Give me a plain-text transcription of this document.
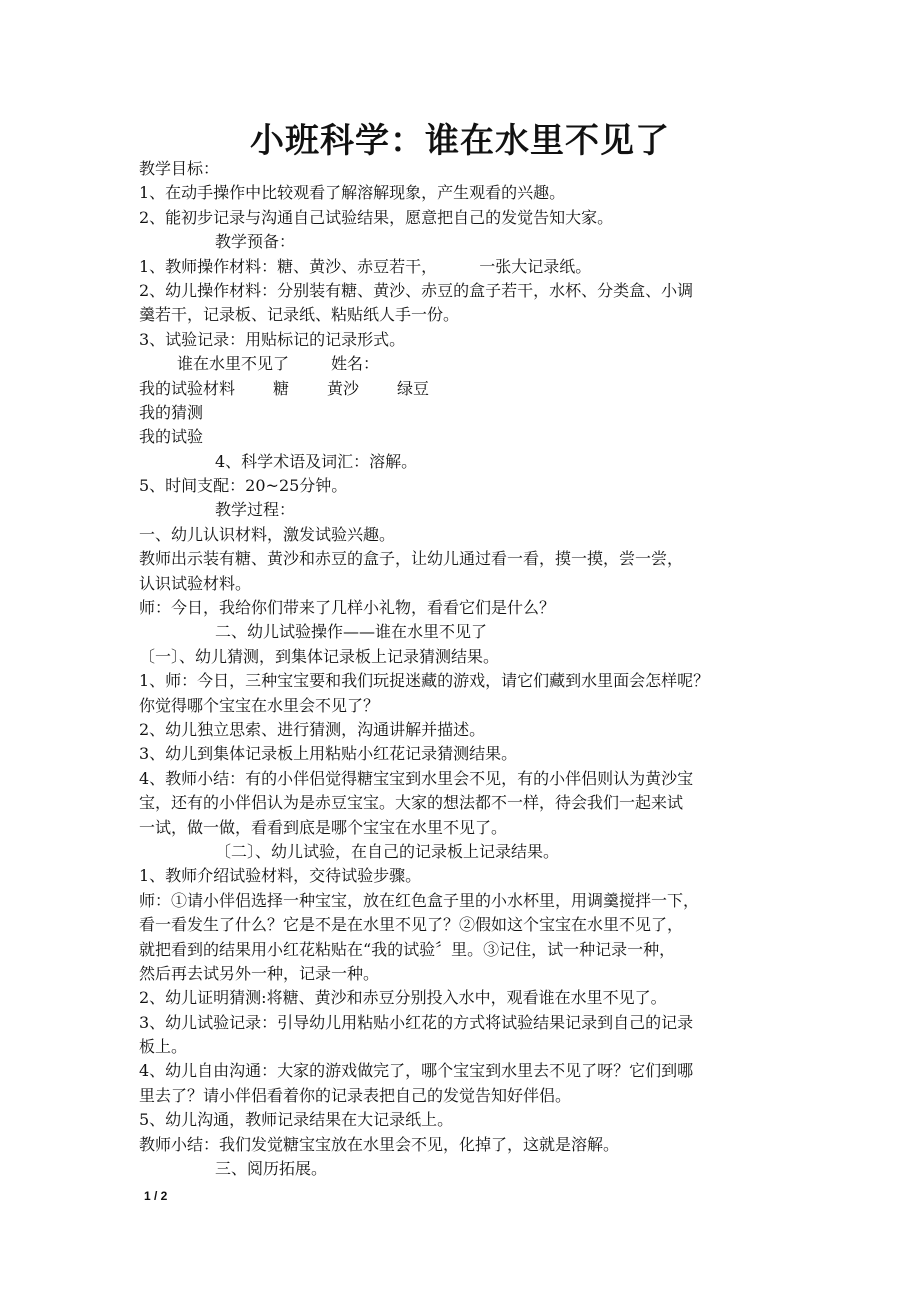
小班科学：谁在水里不见了
教学目标：
1、在动手操作中比较观看了解溶解现象，产生观看的兴趣。
2、能初步记录与沟通自己试验结果，愿意把自己的发觉告知大家。
教学预备：
1、教师操作材料：糖、黄沙、赤豆若干，	一张大记录纸。
2、幼儿操作材料：分别装有糖、黄沙、赤豆的盒子若干，水杯、分类盒、小调
羹若干，记录板、记录纸、粘贴纸人手一份。
3、试验记录：用贴标记的记录形式。
谁在水里不见了	姓名：
我的试验材料 糖 黄沙 绿豆
我的猜测
我的试验
4、科学术语及词汇：溶解。
5、时间支配：20~25分钟。
教学过程：
一、幼儿认识材料，激发试验兴趣。
教师出示装有糖、黄沙和赤豆的盒子，让幼儿通过看一看，摸一摸，尝一尝，
认识试验材料。
师：今日，我给你们带来了几样小礼物，看看它们是什么？
二、幼儿试验操作——谁在水里不见了
〔一〕、幼儿猜测，到集体记录板上记录猜测结果。
1、师：今日，三种宝宝要和我们玩捉迷藏的游戏，请它们藏到水里面会怎样呢？
你觉得哪个宝宝在水里会不见了？
2、幼儿独立思索、进行猜测，沟通讲解并描述。
3、幼儿到集体记录板上用粘贴小红花记录猜测结果。
4、教师小结：有的小伴侣觉得糖宝宝到水里会不见，有的小伴侣则认为黄沙宝
宝，还有的小伴侣认为是赤豆宝宝。大家的想法都不一样，待会我们一起来试
一试，做一做，看看到底是哪个宝宝在水里不见了。
〔二〕、幼儿试验，在自己的记录板上记录结果。
1、教师介绍试验材料，交待试验步骤。
师：①请小伴侣选择一种宝宝，放在红色盒子里的小水杯里，用调羹搅拌一下，
看一看发生了什么？它是不是在水里不见了？②假如这个宝宝在水里不见了，
就把看到的结果用小红花粘贴在“我的试验〞里。③记住，试一种记录一种，
然后再去试另外一种，记录一种。
2、幼儿证明猜测:将糖、黄沙和赤豆分别投入水中，观看谁在水里不见了。
3、幼儿试验记录：引导幼儿用粘贴小红花的方式将试验结果记录到自己的记录
板上。
4、幼儿自由沟通：大家的游戏做完了，哪个宝宝到水里去不见了呀？它们到哪
里去了？请小伴侣看着你的记录表把自己的发觉告知好伴侣。
5、幼儿沟通，教师记录结果在大记录纸上。
教师小结：我们发觉糖宝宝放在水里会不见，化掉了，这就是溶解。
三、阅历拓展。
1 / 2
